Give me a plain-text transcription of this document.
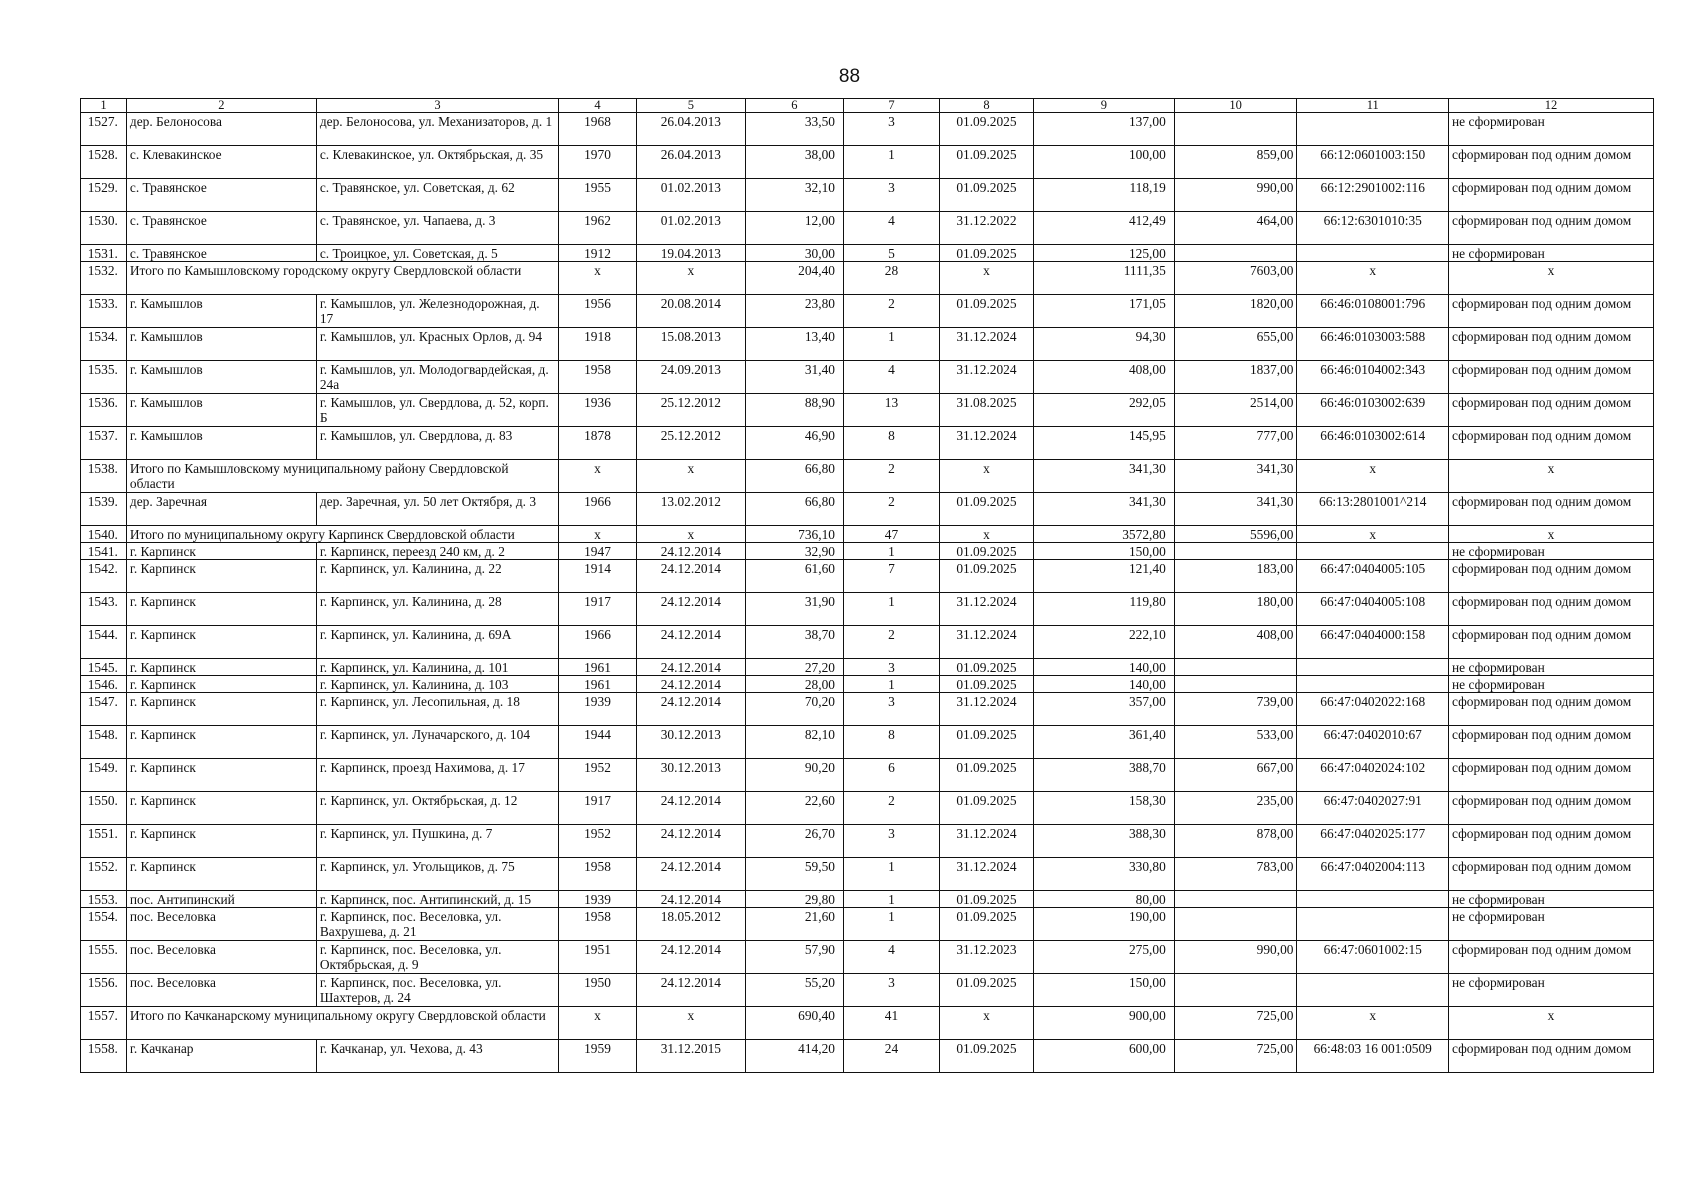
88
1	2	3	4	5	6	7	8	9	10	11	12
1527.	дер. Белоносова	дер. Белоносова, ул. Механизаторов, д. 1	1968	26.04.2013	33,50	3	01.09.2025	137,00			не сформирован
1528.	с. Клевакинское	с. Клевакинское, ул. Октябрьская, д. 35	1970	26.04.2013	38,00	1	01.09.2025	100,00	859,00	66:12:0601003:150	сформирован под одним домом
1529.	с. Травянское	с. Травянское, ул. Советская, д. 62	1955	01.02.2013	32,10	3	01.09.2025	118,19	990,00	66:12:2901002:116	сформирован под одним домом
1530.	с. Травянское	с. Травянское, ул. Чапаева, д. 3	1962	01.02.2013	12,00	4	31.12.2022	412,49	464,00	66:12:6301010:35	сформирован под одним домом
1531.	с. Травянское	с. Троицкое, ул. Советская, д. 5	1912	19.04.2013	30,00	5	01.09.2025	125,00			не сформирован
1532.	Итого по Камышловскому городскому округу Свердловской области		х	х	204,40	28	х	1111,35	7603,00	х	х
1533.	г. Камышлов	г. Камышлов, ул. Железнодорожная, д. 17	1956	20.08.2014	23,80	2	01.09.2025	171,05	1820,00	66:46:0108001:796	сформирован под одним домом
1534.	г. Камышлов	г. Камышлов, ул. Красных Орлов, д. 94	1918	15.08.2013	13,40	1	31.12.2024	94,30	655,00	66:46:0103003:588	сформирован под одним домом
1535.	г. Камышлов	г. Камышлов, ул. Молодогвардейская, д. 24а	1958	24.09.2013	31,40	4	31.12.2024	408,00	1837,00	66:46:0104002:343	сформирован под одним домом
1536.	г. Камышлов	г. Камышлов, ул. Свердлова, д. 52, корп. Б	1936	25.12.2012	88,90	13	31.08.2025	292,05	2514,00	66:46:0103002:639	сформирован под одним домом
1537.	г. Камышлов	г. Камышлов, ул. Свердлова, д. 83	1878	25.12.2012	46,90	8	31.12.2024	145,95	777,00	66:46:0103002:614	сформирован под одним домом
1538.	Итого по Камышловскому муниципальному району Свердловской области		х	х	66,80	2	х	341,30	341,30	х	х
1539.	дер. Заречная	дер. Заречная, ул. 50 лет Октября, д. 3	1966	13.02.2012	66,80	2	01.09.2025	341,30	341,30	66:13:2801001^214	сформирован под одним домом
1540.	Итого по муниципальному округу Карпинск Свердловской области		х	х	736,10	47	х	3572,80	5596,00	х	х
1541.	г. Карпинск	г. Карпинск, переезд 240 км, д. 2	1947	24.12.2014	32,90	1	01.09.2025	150,00			не сформирован
1542.	г. Карпинск	г. Карпинск, ул. Калинина, д. 22	1914	24.12.2014	61,60	7	01.09.2025	121,40	183,00	66:47:0404005:105	сформирован под одним домом
1543.	г. Карпинск	г. Карпинск, ул. Калинина, д. 28	1917	24.12.2014	31,90	1	31.12.2024	119,80	180,00	66:47:0404005:108	сформирован под одним домом
1544.	г. Карпинск	г. Карпинск, ул. Калинина, д. 69А	1966	24.12.2014	38,70	2	31.12.2024	222,10	408,00	66:47:0404000:158	сформирован под одним домом
1545.	г. Карпинск	г. Карпинск, ул. Калинина, д. 101	1961	24.12.2014	27,20	3	01.09.2025	140,00			не сформирован
1546.	г. Карпинск	г. Карпинск, ул. Калинина, д. 103	1961	24.12.2014	28,00	1	01.09.2025	140,00			не сформирован
1547.	г. Карпинск	г. Карпинск, ул. Лесопильная, д. 18	1939	24.12.2014	70,20	3	31.12.2024	357,00	739,00	66:47:0402022:168	сформирован под одним домом
1548.	г. Карпинск	г. Карпинск, ул. Луначарского, д. 104	1944	30.12.2013	82,10	8	01.09.2025	361,40	533,00	66:47:0402010:67	сформирован под одним домом
1549.	г. Карпинск	г. Карпинск, проезд Нахимова, д. 17	1952	30.12.2013	90,20	6	01.09.2025	388,70	667,00	66:47:0402024:102	сформирован под одним домом
1550.	г. Карпинск	г. Карпинск, ул. Октябрьская, д. 12	1917	24.12.2014	22,60	2	01.09.2025	158,30	235,00	66:47:0402027:91	сформирован под одним домом
1551.	г. Карпинск	г. Карпинск, ул. Пушкина, д. 7	1952	24.12.2014	26,70	3	31.12.2024	388,30	878,00	66:47:0402025:177	сформирован под одним домом
1552.	г. Карпинск	г. Карпинск, ул. Угольщиков, д. 75	1958	24.12.2014	59,50	1	31.12.2024	330,80	783,00	66:47:0402004:113	сформирован под одним домом
1553.	пос. Антипинский	г. Карпинск, пос. Антипинский, д. 15	1939	24.12.2014	29,80	1	01.09.2025	80,00			не сформирован
1554.	пос. Веселовка	г. Карпинск, пос. Веселовка, ул. Вахрушева, д. 21	1958	18.05.2012	21,60	1	01.09.2025	190,00			не сформирован
1555.	пос. Веселовка	г. Карпинск, пос. Веселовка, ул. Октябрьская, д. 9	1951	24.12.2014	57,90	4	31.12.2023	275,00	990,00	66:47:0601002:15	сформирован под одним домом
1556.	пос. Веселовка	г. Карпинск, пос. Веселовка, ул. Шахтеров, д. 24	1950	24.12.2014	55,20	3	01.09.2025	150,00			не сформирован
1557.	Итого по Качканарскому муниципальному округу Свердловской области		х	х	690,40	41	х	900,00	725,00	х	х
1558.	г. Качканар	г. Качканар, ул. Чехова, д. 43	1959	31.12.2015	414,20	24	01.09.2025	600,00	725,00	66:48:03 16 001:0509	сформирован под одним домом
